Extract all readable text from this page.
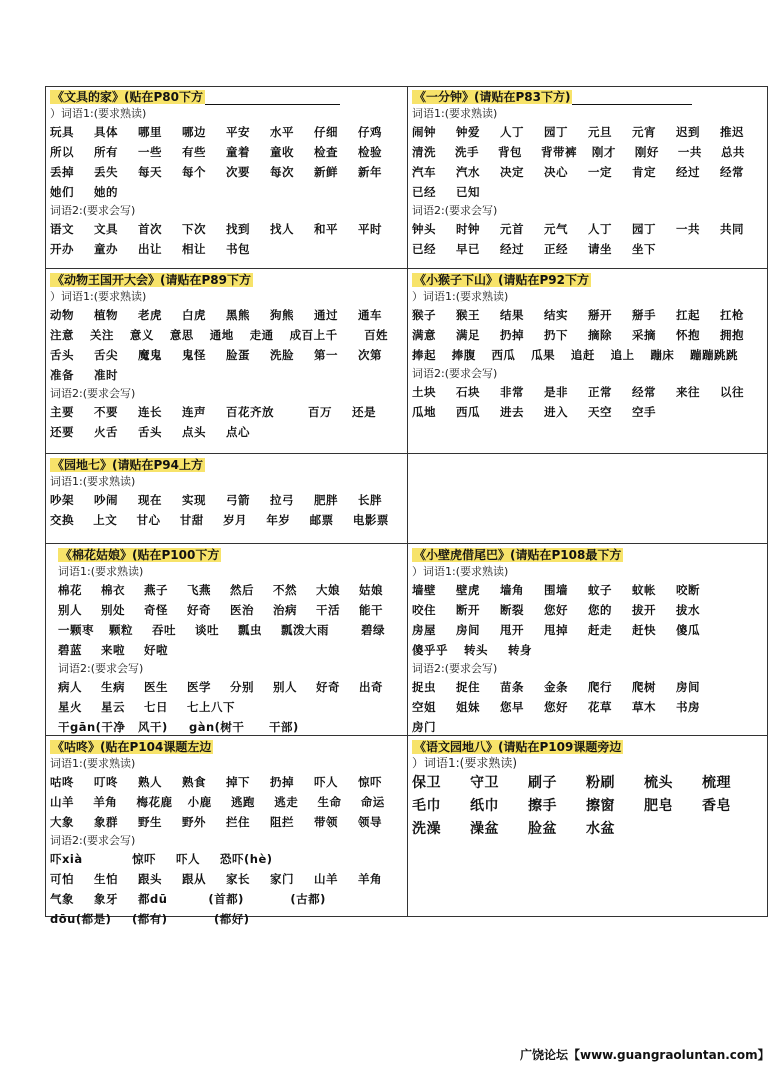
《文具的家》(贴在P80下方
）词语1:(要求熟读)
玩具	具体	哪里	哪边	平安	水平	仔细	仔鸡
所以	所有	一些	有些	童着	童收	检查	检验
丢掉	丢失	每天	每个	次要	每次	新鲜	新年
她们	她的
词语2:(要求会写)
语文	文具	首次	下次	找到	找人	和平	平时
开办	童办	出让	相让	书包
《一分钟》(请贴在P83下方)
词语1:(要求熟读)
闹钟	钟爱	人丁	园丁	元旦	元宵	迟到	推迟
清洗	洗手	背包	背带裤	刚才	刚好	一共	总共
汽车	汽水	决定	决心	一定	肯定	经过	经常
已经	已知
词语2:(要求会写)
钟头	时钟	元首	元气	人丁	园丁	一共	共同
已经	早已	经过	正经	请坐	坐下
《动物王国开大会》(请贴在P89下方
）词语1:(要求熟读)
动物	植物	老虎	白虎	黑熊	狗熊	通过	通车
注意	关注	意义	意思	通地	走通	成百上千	百姓
舌头	舌尖	魔鬼	鬼怪	脸蛋	洗脸	第一	次第
准备	准时
词语2:(要求会写)
主要	不要	连长	连声	百花齐放	百万	还是
还要	火舌	舌头	点头	点心
《小猴子下山》(请贴在P92下方
）词语1:(要求熟读)
猴子	猴王	结果	结实	掰开	掰手	扛起	扛枪
满意	满足	扔掉	扔下	摘除	采摘	怀抱	拥抱
捧起	捧腹	西瓜	瓜果	追赶	追上	蹦床	蹦蹦跳跳
词语2:(要求会写)
土块	石块	非常	是非	正常	经常	来往	以往
瓜地	西瓜	进去	进入	天空	空手
《园地七》(请贴在P94上方
词语1:(要求熟读)
吵架	吵闹	现在	实现	弓箭	拉弓	肥胖	长胖
交换	上文	甘心	甘甜	岁月	年岁	邮票	电影票
《棉花姑娘》(贴在P100下方
词语1:(要求熟读)
棉花	棉衣	燕子	飞燕	然后	不然	大娘	姑娘
别人	别处	奇怪	好奇	医治	治病	干活	能干
一颗枣	颗粒	吞吐	谈吐	瓢虫	瓢泼大雨	碧绿
碧蓝	来啦	好啦
词语2:(要求会写)
病人	生病	医生	医学	分别	别人	好奇	出奇
星火	星云	七日	七上八下
干gān(干净	风干)	gàn(树干	干部)
《小壁虎借尾巴》(请贴在P108最下方
）词语1:(要求熟读)
墙壁	壁虎	墙角	围墙	蚊子	蚊帐	咬断
咬住	断开	断裂	您好	您的	拔开	拔水
房屋	房间	甩开	甩掉	赶走	赶快	傻瓜
傻乎乎	转头	转身
词语2:(要求会写)
捉虫	捉住	苗条	金条	爬行	爬树	房间
空姐	姐妹	您早	您好	花草	草木	书房
房门
《咕咚》(贴在P104课题左边
词语1:(要求熟读)
咕咚	叮咚	熟人	熟食	掉下	扔掉	吓人	惊吓
山羊	羊角	梅花鹿	小鹿	逃跑	逃走	生命	命运
大象	象群	野生	野外	拦住	阻拦	带领	领导
词语2:(要求会写)
吓xià	惊吓	吓人	恐吓(hè)
可怕	生怕	跟头	跟从	家长	家门	山羊	羊角
气象	象牙	都dū	(首都)	(古都)
dōu(都是)	(都有)	(都好)
《语文园地八》(请贴在P109课题旁边
）词语1:(要求熟读)
保卫	守卫	刷子	粉刷	梳头	梳理
毛巾	纸巾	擦手	擦窗	肥皂	香皂
洗澡	澡盆	脸盆	水盆
广饶论坛【www.guangraoluntan.com】
